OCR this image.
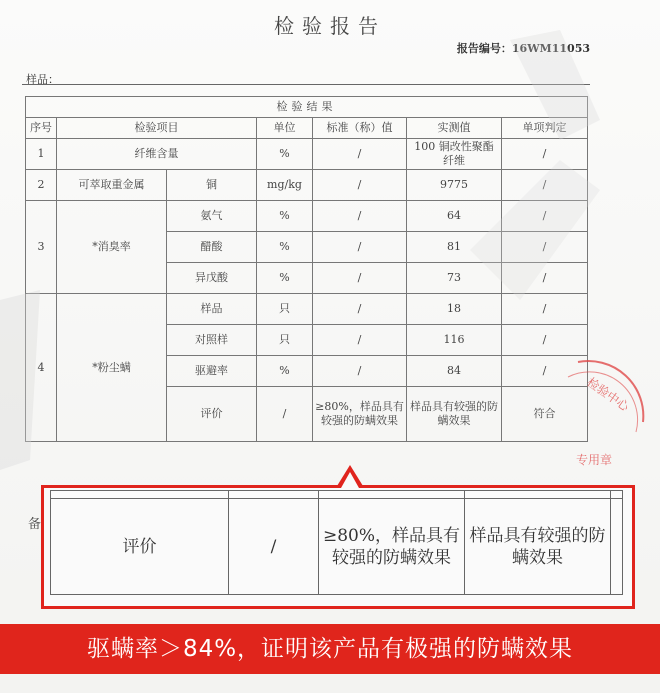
检验报告
报告编号：16WM11053
样品：
检验结果						
序号	检验项目		单位	标准（称）值	实测值	单项判定
1	纤维含量		%	/	100 铜改性聚酯纤维	/
2	可萃取重金属	铜	mg/kg	/	9775	/
3	*消臭率	氨气	%	/	64	/
		醋酸	%	/	81	/
		异戊酸	%	/	73	/
4	*粉尘螨	样品	只	/	18	/
		对照样	只	/	116	/
		驱避率	%	/	84	/
		评价	/	≥80%，样品具有较强的防螨效果	样品具有较强的防螨效果	符合
备

评价	/	≥80%，样品具有较强的防螨效果	样品具有较强的防螨效果	
检验中心
专用章
驱螨率＞84%，证明该产品有极强的防螨效果
